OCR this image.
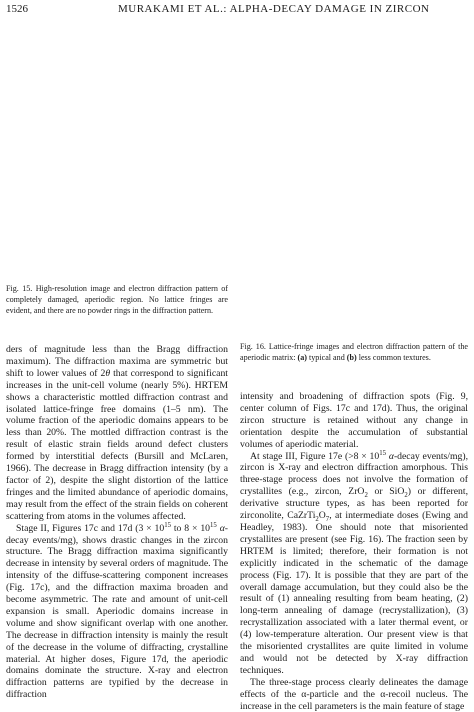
1526	MURAKAMI ET AL.: ALPHA-DECAY DAMAGE IN ZIRCON

Fig. 15. High-resolution image and electron diffraction pattern of completely damaged, aperiodic region. No lattice fringes are evident, and there are no powder rings in the diffraction pattern.

Fig. 16. Lattice-fringe images and electron diffraction pattern of the aperiodic matrix: (a) typical and (b) less common textures.

ders of magnitude less than the Bragg diffraction maximum). The diffraction maxima are symmetric but shift to lower values of 2θ that correspond to significant increases in the unit-cell volume (nearly 5%). HRTEM shows a characteristic mottled diffraction contrast and isolated lattice-fringe free domains (1–5 nm). The volume fraction of the aperiodic domains appears to be less than 20%. The mottled diffraction contrast is the result of elastic strain fields around defect clusters formed by interstitial defects (Bursill and McLaren, 1966). The decrease in Bragg diffraction intensity (by a factor of 2), despite the slight distortion of the lattice fringes and the limited abundance of aperiodic domains, may result from the effect of the strain fields on coherent scattering from atoms in the volumes affected.

Stage II, Figures 17c and 17d ($3 \times 10^{15}$ to $8 \times 10^{15}$ α-decay events/mg), shows drastic changes in the zircon structure. The Bragg diffraction maxima significantly decrease in intensity by several orders of magnitude. The intensity of the diffuse-scattering component increases (Fig. 17c), and the diffraction maxima broaden and become asymmetric. The rate and amount of unit-cell expansion is small. Aperiodic domains increase in volume and show significant overlap with one another. The decrease in diffraction intensity is mainly the result of the decrease in the volume of diffracting, crystalline material. At higher doses, Figure 17d, the aperiodic domains dominate the structure. X-ray and electron diffraction patterns are typified by the decrease in diffraction

intensity and broadening of diffraction spots (Fig. 9, center column of Figs. 17c and 17d). Thus, the original zircon structure is retained without any change in orientation despite the accumulation of substantial volumes of aperiodic material.

At stage III, Figure 17e ($>8 \times 10^{15}$ α-decay events/mg), zircon is X-ray and electron diffraction amorphous. This three-stage process does not involve the formation of crystallites (e.g., zircon, ZrO$_2$ or SiO$_2$) or different, derivative structure types, as has been reported for zirconolite, $CaZrTi_2O_7$, at intermediate doses (Ewing and Headley, 1983). One should note that misoriented crystallites are present (see Fig. 16). The fraction seen by HRTEM is limited; therefore, their formation is not explicitly indicated in the schematic of the damage process (Fig. 17). It is possible that they are part of the overall damage accumulation, but they could also be the result of (1) annealing resulting from beam heating, (2) long-term annealing of damage (recrystallization), (3) recrystallization associated with a later thermal event, or (4) low-temperature alteration. Our present view is that the misoriented crystallites are quite limited in volume and would not be detected by X-ray diffraction techniques.

The three-stage process clearly delineates the damage effects of the α-particle and the α-recoil nucleus. The increase in the cell parameters is the main feature of stage
